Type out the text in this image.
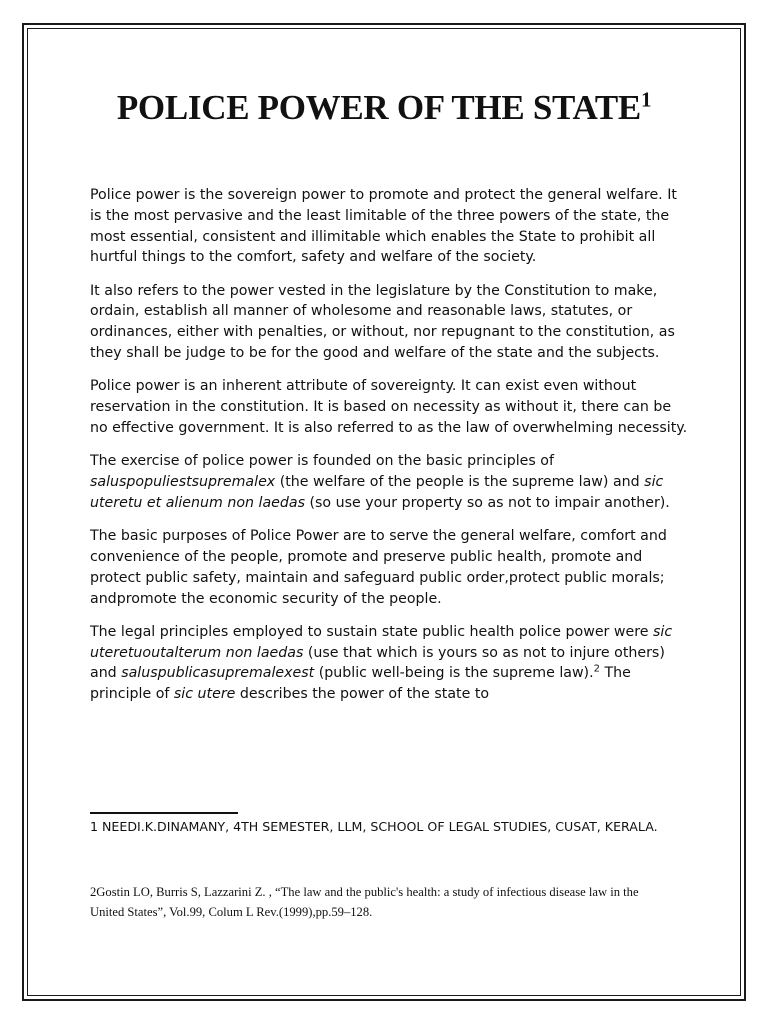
POLICE POWER OF THE STATE$^1$

Police power is the sovereign power to promote and protect the general welfare. It is the most pervasive and the least limitable of the three powers of the state, the most essential, consistent and illimitable which enables the State to prohibit all hurtful things to the comfort, safety and welfare of the society.

It also refers to the power vested in the legislature by the Constitution to make, ordain, establish all manner of wholesome and reasonable laws, statutes, or ordinances, either with penalties, or without, nor repugnant to the constitution, as they shall be judge to be for the good and welfare of the state and the subjects.

Police power is an inherent attribute of sovereignty. It can exist even without reservation in the constitution. It is based on necessity as without it, there can be no effective government. It is also referred to as the law of overwhelming necessity.

The exercise of police power is founded on the basic principles of saluspopuliestsupremalex (the welfare of the people is the supreme law) and sic uteretu et alienum non laedas (so use your property so as not to impair another).

The basic purposes of Police Power are to serve the general welfare, comfort and convenience of the people, promote and preserve public health, promote and protect public safety, maintain and safeguard public order,protect public morals; andpromote the economic security of the people.

The legal principles employed to sustain state public health police power were sic uteretuoutalterum non laedas (use that which is yours so as not to injure others) and saluspublicasupremalexest (public well-being is the supreme law).$^2$ The principle of sic utere describes the power of the state to

1 NEEDI.K.DINAMANY, 4TH SEMESTER, LLM, SCHOOL OF LEGAL STUDIES, CUSAT, KERALA.
2Gostin LO, Burris S, Lazzarini Z. , “The law and the public's health: a study of infectious disease law in the United States”, Vol.99, Colum L Rev.(1999),pp.59–128.
